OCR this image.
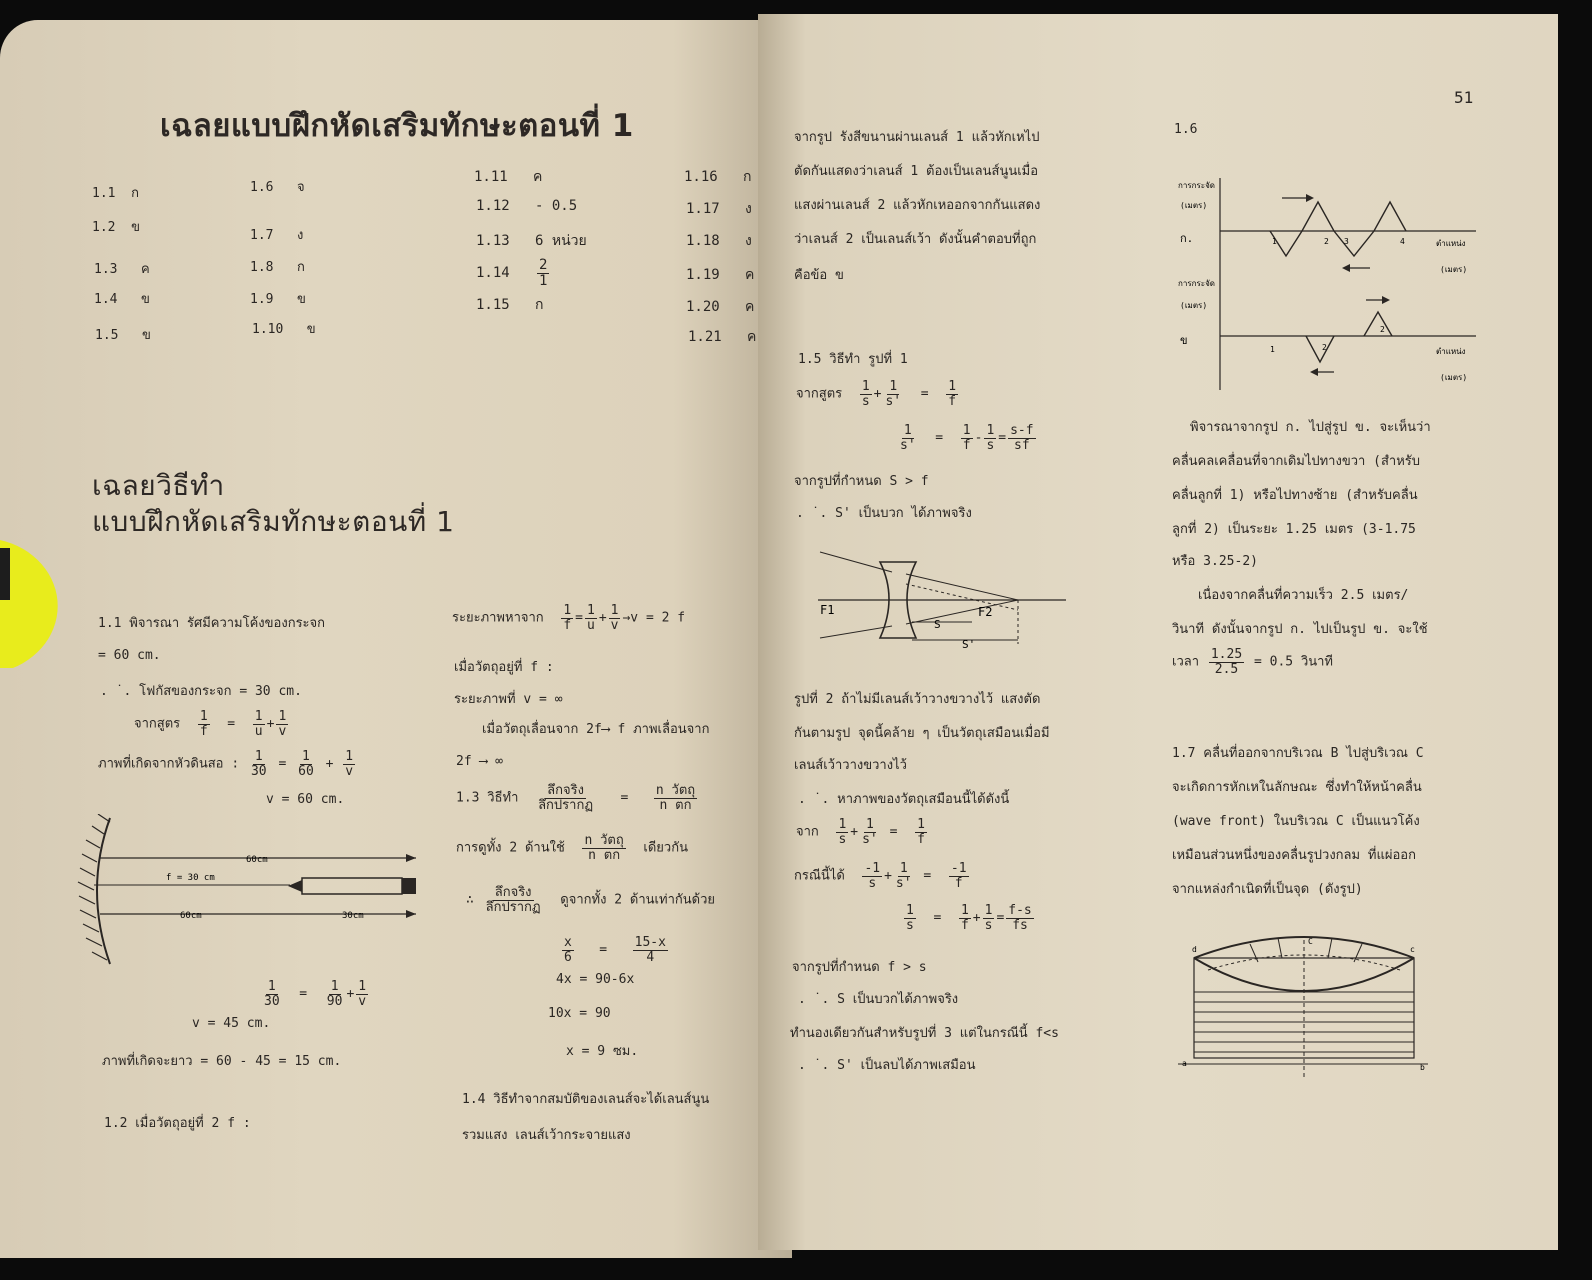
เฉลยแบบฝึกหัดเสริมทักษะตอนที่ 1
1.1 ก
1.2 ข
1.3 ค
1.4 ข
1.5 ข
1.6 จ
1.7 ง
1.8 ก
1.9 ข
1.10 ข
1.11 ค
1.12 - 0.5
1.13 6 หน่วย
$1.14 \frac{2}{1}$
1.15 ก
1.16 ก
1.17 ง
1.18 ง
1.19 ค
1.20 ค
1.21 ค
เฉลยวิธีทำ
แบบฝึกหัดเสริมทักษะตอนที่ 1
1.1 พิจารณา รัศมีความโค้งของกระจก
= 60 cm.
. ˙. โฟกัสของกระจก = 30 cm.
จากสูตร $\frac{1}{f} = \frac{1}{u} + \frac{1}{v}$
ภาพที่เกิดจากหัวดินสอ : $\frac{1}{30} = \frac{1}{60} + \frac{1}{v}$
v = 60 cm.
60cm
f = 30 cm
60cm	30cm
$\frac{1}{30} = \frac{1}{90} + \frac{1}{v}$
v = 45 cm.
ภาพที่เกิดจะยาว = 60 - 45 = 15 cm.
1.2 เมื่อวัตถุอยู่ที่ 2 f :
ระยะภาพหาจาก $\frac{1}{f} = \frac{1}{u} + \frac{1}{v} \to v = 2$ f
เมื่อวัตถุอยู่ที่ f :
ระยะภาพที่ v = ∞
เมื่อวัตถุเลื่อนจาก 2f⟶ f ภาพเลื่อนจาก
2f ⟶ ∞
1.3 วิธีทำ $\frac{\text{ลึกจริง}}{\text{ลึกปรากฏ}} = \frac{\text{n วัตถุ}}{\text{n ตก}}$
การดูทั้ง 2 ด้านใช้ $\frac{\text{n วัตถุ}}{\text{n ตก}}$ เดียวกัน
∴ $\frac{\text{ลึกจริง}}{\text{ลึกปรากฏ}}$ ดูจากทั้ง 2 ด้านเท่ากันด้วย
$\frac{x}{6} = \frac{15-x}{4}$
4x = 90-6x
10x = 90
x = 9 ซม.
1.4 วิธีทำจากสมบัติของเลนส์จะได้เลนส์นูน
รวมแสง เลนส์เว้ากระจายแสง
51
จากรูป รังสีขนานผ่านเลนส์ 1 แล้วหักเหไป
ตัดกันแสดงว่าเลนส์ 1 ต้องเป็นเลนส์นูนเมื่อ
แสงผ่านเลนส์ 2 แล้วหักเหออกจากกันแสดง
ว่าเลนส์ 2 เป็นเลนส์เว้า ดังนั้นคำตอบที่ถูก
คือข้อ ข
1.5 วิธีทำ รูปที่ 1
จากสูตร $\frac{1}{s} + \frac{1}{s'} = \frac{1}{f}$
$\frac{1}{s'} = \frac{1}{f} - \frac{1}{s} = \frac{s-f}{sf}$
จากรูปที่กำหนด S > f
. ˙. S' เป็นบวก ได้ภาพจริง
F1	F2
S
S'
รูปที่ 2 ถ้าไม่มีเลนส์เว้าวางขวางไว้ แสงตัด
กันตามรูป จุดนี้คล้าย ๆ เป็นวัตถุเสมือนเมื่อมี
เลนส์เว้าวางขวางไว้
. ˙. หาภาพของวัตถุเสมือนนี้ได้ดังนี้
จาก $\frac{1}{s} + \frac{1}{s'} = \frac{1}{f}$
กรณีนี้ได้ $\frac{-1}{s} + \frac{1}{s'} = \frac{-1}{f}$
$\frac{1}{s} = \frac{1}{f} + \frac{1}{s} = \frac{f-s}{fs}$
จากรูปที่กำหนด f > s
. ˙. S เป็นบวกได้ภาพจริง
ทำนองเดียวกันสำหรับรูปที่ 3 แต่ในกรณีนี้ f<s
. ˙. S' เป็นลบได้ภาพเสมือน
1.6
การกระจัด
(เมตร)
ก.	1	2 3	4	ตำแหน่ง
(เมตร)
การกระจัด
(เมตร)
ข
1	2
2
ตำแหน่ง
(เมตร)
พิจารณาจากรูป ก. ไปสู่รูป ข. จะเห็นว่า
คลื่นคลเคลื่อนที่จากเดิมไปทางขวา (สำหรับ
คลื่นลูกที่ 1) หรือไปทางซ้าย (สำหรับคลื่น
ลูกที่ 2) เป็นระยะ 1.25 เมตร (3-1.75
หรือ 3.25-2)
เนื่องจากคลื่นที่ความเร็ว 2.5 เมตร/
วินาที ดังนั้นจากรูป ก. ไปเป็นรูป ข. จะใช้
เวลา $\frac{1.25}{2.5} = 0.5$ วินาที
1.7 คลื่นที่ออกจากบริเวณ B ไปสู่บริเวณ C
จะเกิดการหักเหในลักษณะ ซึ่งทำให้หน้าคลื่น
(wave front) ในบริเวณ C เป็นแนวโค้ง
เหมือนส่วนหนึ่งของคลื่นรูปวงกลม ที่แผ่ออก
จากแหล่งกำเนิดที่เป็นจุด (ดังรูป)
a	b
c
d
C
